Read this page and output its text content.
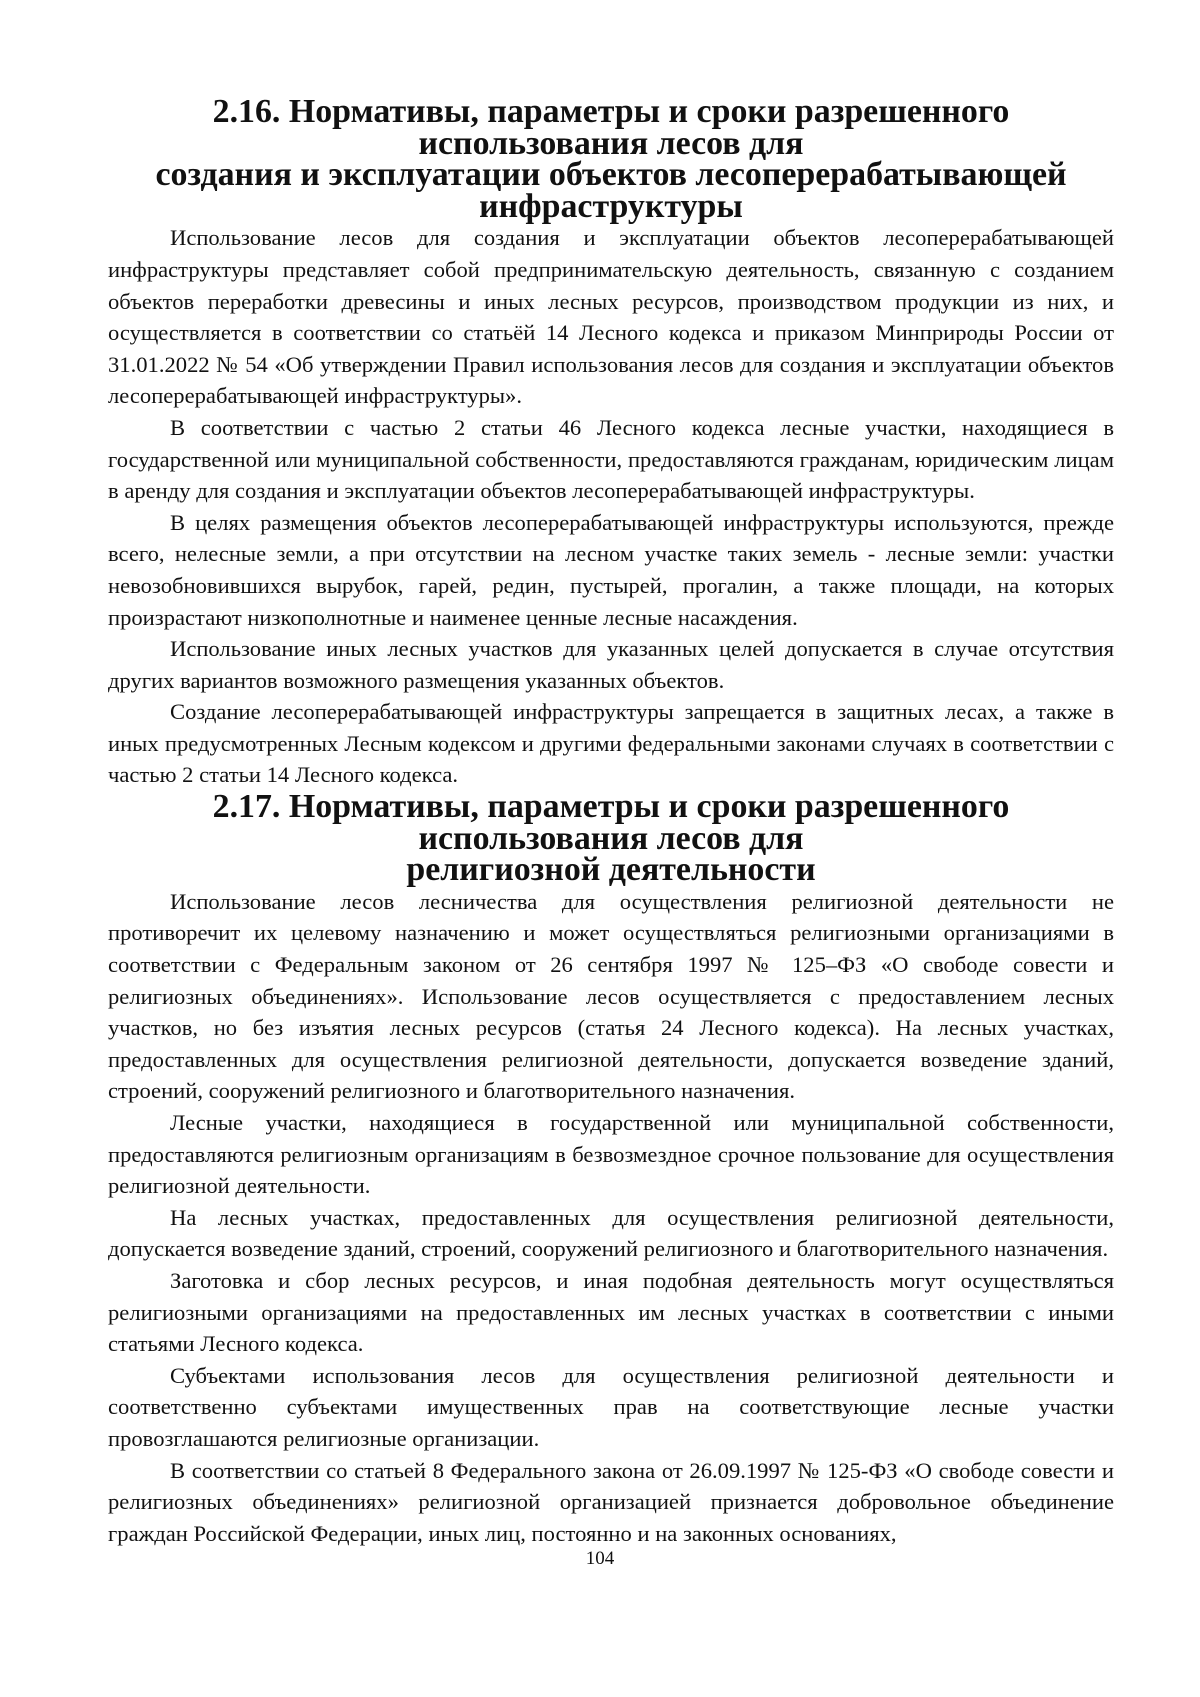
2.16. Нормативы, параметры и сроки разрешенного использования лесов для
создания и эксплуатации объектов лесоперерабатывающей инфраструктуры

Использование лесов для создания и эксплуатации объектов лесоперерабатывающей инфраструктуры представляет собой предпринимательскую деятельность, связанную с созданием объектов переработки древесины и иных лесных ресурсов, производством продукции из них, и осуществляется в соответствии со статьёй 14 Лесного кодекса и приказом Минприроды России от 31.01.2022 № 54 «Об утверждении Правил использования лесов для создания и эксплуатации объектов лесоперерабатывающей инфраструктуры».

В соответствии с частью 2 статьи 46 Лесного кодекса лесные участки, находящиеся в государственной или муниципальной собственности, предоставляются гражданам, юридическим лицам в аренду для создания и эксплуатации объектов лесоперерабатывающей инфраструктуры.

В целях размещения объектов лесоперерабатывающей инфраструктуры используются, прежде всего, нелесные земли, а при отсутствии на лесном участке таких земель - лесные земли: участки невозобновившихся вырубок, гарей, редин, пустырей, прогалин, а также площади, на которых произрастают низкополнотные и наименее ценные лесные насаждения.

Использование иных лесных участков для указанных целей допускается в случае отсутствия других вариантов возможного размещения указанных объектов.

Создание лесоперерабатывающей инфраструктуры запрещается в защитных лесах, а также в иных предусмотренных Лесным кодексом и другими федеральными законами случаях в соответствии с частью 2 статьи 14 Лесного кодекса.

2.17. Нормативы, параметры и сроки разрешенного использования лесов для
религиозной деятельности

Использование лесов лесничества для осуществления религиозной деятельности не противоречит их целевому назначению и может осуществляться религиозными организациями в соответствии с Федеральным законом от 26 сентября 1997 № 125–ФЗ «О свободе совести и религиозных объединениях». Использование лесов осуществляется с предоставлением лесных участков, но без изъятия лесных ресурсов (статья 24 Лесного кодекса). На лесных участках, предоставленных для осуществления религиозной деятельности, допускается возведение зданий, строений, сооружений религиозного и благотворительного назначения.

Лесные участки, находящиеся в государственной или муниципальной собственности, предоставляются религиозным организациям в безвозмездное срочное пользование для осуществления религиозной деятельности.

На лесных участках, предоставленных для осуществления религиозной деятельности, допускается возведение зданий, строений, сооружений религиозного и благотворительного назначения.

Заготовка и сбор лесных ресурсов, и иная подобная деятельность могут осуществляться религиозными организациями на предоставленных им лесных участках в соответствии с иными статьями Лесного кодекса.

Субъектами использования лесов для осуществления религиозной деятельности и соответственно субъектами имущественных прав на соответствующие лесные участки провозглашаются религиозные организации.

В соответствии со статьей 8 Федерального закона от 26.09.1997 № 125-ФЗ «О свободе совести и религиозных объединениях» религиозной организацией признается добровольное объединение граждан Российской Федерации, иных лиц, постоянно и на законных основаниях,

104
